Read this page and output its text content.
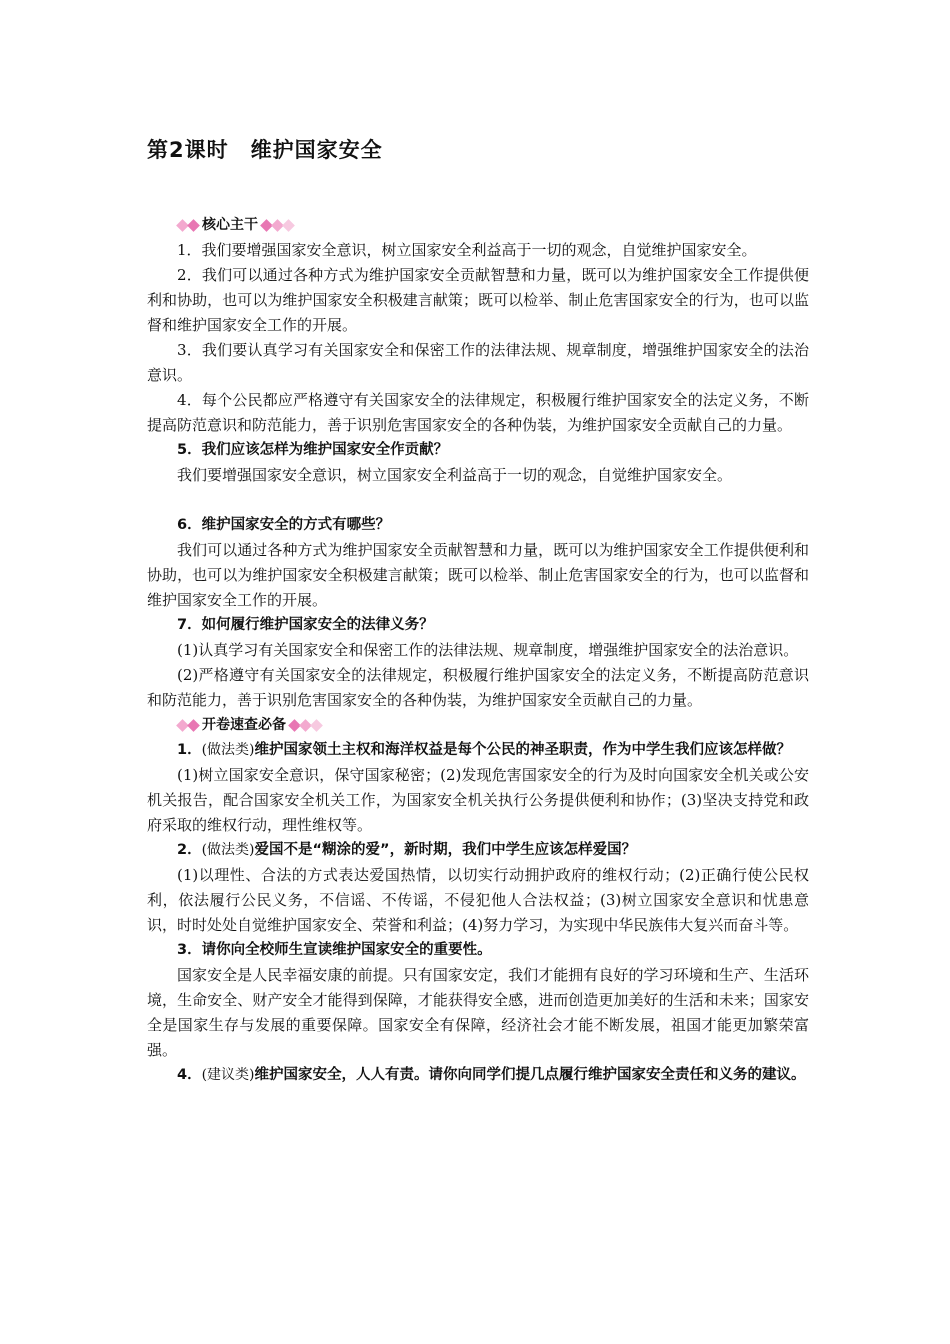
第2课时　维护国家安全
核心主干

1．我们要增强国家安全意识，树立国家安全利益高于一切的观念，自觉维护国家安全。

2．我们可以通过各种方式为维护国家安全贡献智慧和力量，既可以为维护国家安全工作提供便利和协助，也可以为维护国家安全积极建言献策；既可以检举、制止危害国家安全的行为，也可以监督和维护国家安全工作的开展。

3．我们要认真学习有关国家安全和保密工作的法律法规、规章制度，增强维护国家安全的法治意识。

4．每个公民都应严格遵守有关国家安全的法律规定，积极履行维护国家安全的法定义务，不断提高防范意识和防范能力，善于识别危害国家安全的各种伪装，为维护国家安全贡献自己的力量。

5．我们应该怎样为维护国家安全作贡献？

我们要增强国家安全意识，树立国家安全利益高于一切的观念，自觉维护国家安全。

6．维护国家安全的方式有哪些？

我们可以通过各种方式为维护国家安全贡献智慧和力量，既可以为维护国家安全工作提供便利和协助，也可以为维护国家安全积极建言献策；既可以检举、制止危害国家安全的行为，也可以监督和维护国家安全工作的开展。

7．如何履行维护国家安全的法律义务？

(1)认真学习有关国家安全和保密工作的法律法规、规章制度，增强维护国家安全的法治意识。

(2)严格遵守有关国家安全的法律规定，积极履行维护国家安全的法定义务，不断提高防范意识和防范能力，善于识别危害国家安全的各种伪装，为维护国家安全贡献自己的力量。

开卷速查必备

1．(做法类)维护国家领土主权和海洋权益是每个公民的神圣职责，作为中学生我们应该怎样做？

(1)树立国家安全意识，保守国家秘密；(2)发现危害国家安全的行为及时向国家安全机关或公安机关报告，配合国家安全机关工作，为国家安全机关执行公务提供便利和协作；(3)坚决支持党和政府采取的维权行动，理性维权等。

2．(做法类)爱国不是“糊涂的爱”，新时期，我们中学生应该怎样爱国？

(1)以理性、合法的方式表达爱国热情，以切实行动拥护政府的维权行动；(2)正确行使公民权利，依法履行公民义务，不信谣、不传谣，不侵犯他人合法权益；(3)树立国家安全意识和忧患意识，时时处处自觉维护国家安全、荣誉和利益；(4)努力学习，为实现中华民族伟大复兴而奋斗等。

3．请你向全校师生宣读维护国家安全的重要性。

国家安全是人民幸福安康的前提。只有国家安定，我们才能拥有良好的学习环境和生产、生活环境，生命安全、财产安全才能得到保障，才能获得安全感，进而创造更加美好的生活和未来；国家安全是国家生存与发展的重要保障。国家安全有保障，经济社会才能不断发展，祖国才能更加繁荣富强。

4．(建议类)维护国家安全，人人有责。请你向同学们提几点履行维护国家安全责任和义务的建议。
